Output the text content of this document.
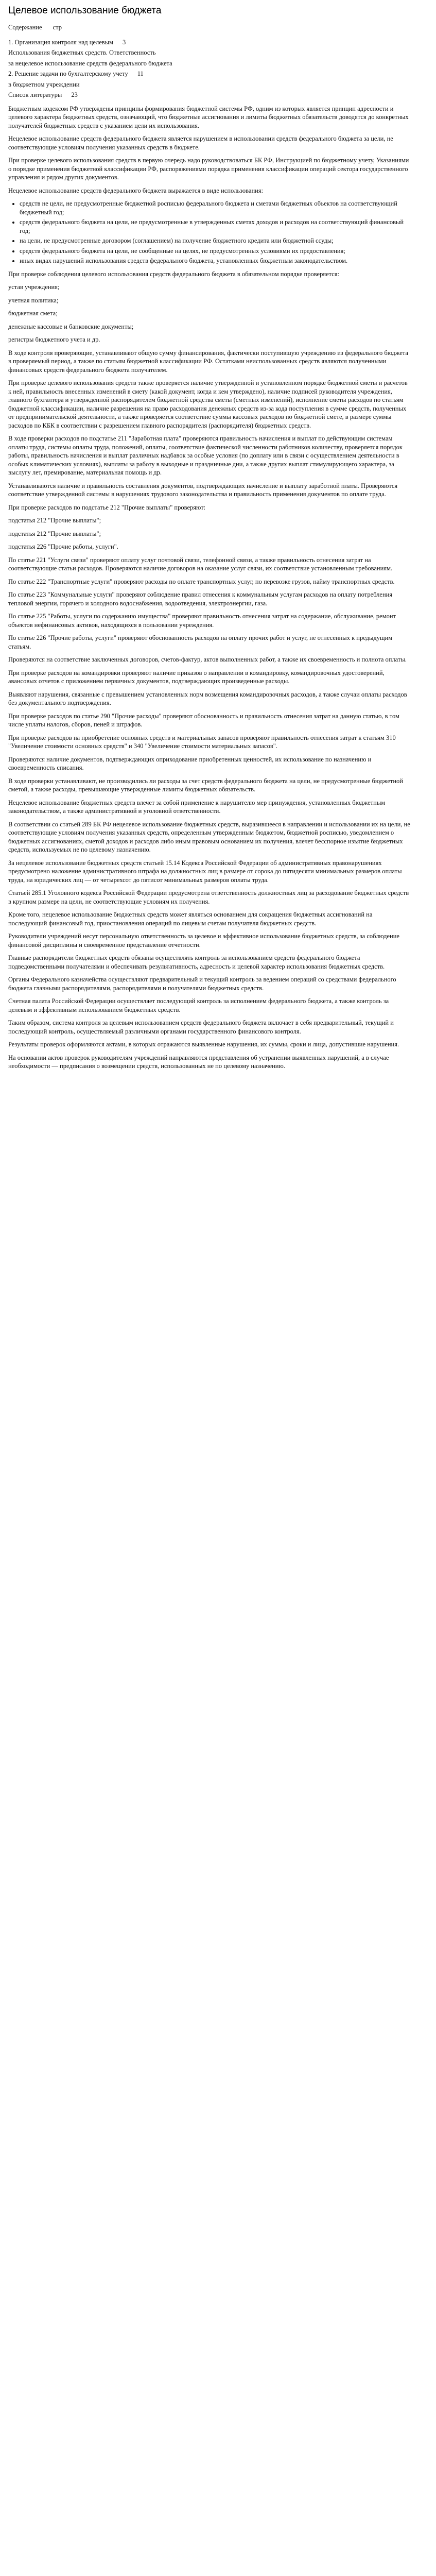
Целевое использование бюджета
Содержание стр
1. Организация контроля над целевым 3
Использования бюджетных средств. Ответственность
за нецелевое использование средств федерального бюджета
2. Решение задачи по бухгалтерскому учету 11
в бюджетном учреждении
Список литературы 23

Бюджетным кодексом РФ утверждены принципы формирования бюджетной системы РФ, одним из которых является принцип адресности и целевого характера бюджетных средств, означающий, что бюджетные ассигнования и лимиты бюджетных обязательств доводятся до конкретных получателей бюджетных средств с указанием цели их использования.

Нецелевое использование средств федерального бюджета является нарушением в использовании средств федерального бюджета за цели, не соответствующие условиям получения указанных средств в бюджете.

При проверке целевого использования средств в первую очередь надо руководствоваться БК РФ, Инструкцией по бюджетному учету, Указаниями о порядке применения бюджетной классификации РФ, распоряжениями порядка применения классификации операций сектора государственного управления и рядом других документов.

Нецелевое использование средств федерального бюджета выражается в виде использования:

• средств не цели, не предусмотренные бюджетной росписью федерального бюджета и сметами бюджетных объектов на соответствующий бюджетный год;
• средств федерального бюджета на цели, не предусмотренные в утвержденных сметах доходов и расходов на соответствующий финансовый год;
• на цели, не предусмотренные договором (соглашением) на получение бюджетного кредита или бюджетной ссуды;
• средств федерального бюджета на цели, не сообщенные на целях, не предусмотренных условиями их предоставления;
• иных видах нарушений использования средств федерального бюджета, установленных бюджетным законодательством.

При проверке соблюдения целевого использования средств федерального бюджета в обязательном порядке проверяется:

устав учреждения;

учетная политика;

бюджетная смета;

денежные кассовые и банковские документы;

регистры бюджетного учета и др.

В ходе контроля проверяющие, устанавливают общую сумму финансирования, фактически поступившую учреждению из федерального бюджета в проверяемый период, а также по статьям бюджетной классификации РФ. Остатками неиспользованных средств являются полученными финансовых средств федерального бюджета получателем.

При проверке целевого использования средств также проверяется наличие утвержденной и установленном порядке бюджетной сметы и расчетов к ней, правильность внесенных изменений в смету (какой документ, когда и кем утверждено), наличие подписей руководителя учреждения, главного бухгалтера и утвержденной распорядителем бюджетной средства сметы (сметных изменений), исполнение сметы расходов по статьям бюджетной классификации, наличие разрешения на право расходования денежных средств из-за кода поступления в сумме средств, полученных от предпринимательской деятельности, а также проверяется соответствие суммы кассовых расходов по бюджетной смете, в размере суммы расходов по КБК в соответствии с разрешением главного распорядителя (распорядителя) бюджетных средств.

В ходе проверки расходов по подстатье 211 "Заработная плата" проверяются правильность начисления и выплат по действующим системам оплаты труда, системы оплаты труда, положений, оплаты, соответствие фактической численности работников количеству, проверяется порядок работы, правильность начисления и выплат различных надбавок за особые условия (по доплату или в связи с осуществлением деятельности в особых климатических условиях), выплаты за работу в выходные и праздничные дни, а также других выплат стимулирующего характера, за выслугу лет, премирование, материальная помощь и др.

Устанавливаются наличие и правильность составления документов, подтверждающих начисление и выплату заработной платы. Проверяются соответствие утвержденной системы в нарушениях трудового законодательства и правильность применения документов по оплате труда.

При проверке расходов по подстатье 212 "Прочие выплаты" проверяют:

подстатья 212 "Прочие выплаты";

подстатья 212 "Прочие выплаты";

подстатья 226 "Прочие работы, услуги".

По статье 221 "Услуги связи" проверяют оплату услуг почтовой связи, телефонной связи, а также правильность отнесения затрат на соответствующие статьи расходов. Проверяются наличие договоров на оказание услуг связи, их соответствие установленным требованиям.

По статье 222 "Транспортные услуги" проверяют расходы по оплате транспортных услуг, по перевозке грузов, найму транспортных средств.

По статье 223 "Коммунальные услуги" проверяют соблюдение правил отнесения к коммунальным услугам расходов на оплату потребления тепловой энергии, горячего и холодного водоснабжения, водоотведения, электроэнергии, газа.

По статье 225 "Работы, услуги по содержанию имущества" проверяют правильность отнесения затрат на содержание, обслуживание, ремонт объектов нефинансовых активов, находящихся в пользовании учреждения.

По статье 226 "Прочие работы, услуги" проверяют обоснованность расходов на оплату прочих работ и услуг, не отнесенных к предыдущим статьям.

Проверяются на соответствие заключенных договоров, счетов-фактур, актов выполненных работ, а также их своевременность и полнота оплаты.

При проверке расходов на командировки проверяют наличие приказов о направлении в командировку, командировочных удостоверений, авансовых отчетов с приложением первичных документов, подтверждающих произведенные расходы.

Выявляют нарушения, связанные с превышением установленных норм возмещения командировочных расходов, а также случаи оплаты расходов без документального подтверждения.

При проверке расходов по статье 290 "Прочие расходы" проверяют обоснованность и правильность отнесения затрат на данную статью, в том числе уплаты налогов, сборов, пеней и штрафов.

При проверке расходов на приобретение основных средств и материальных запасов проверяют правильность отнесения затрат к статьям 310 "Увеличение стоимости основных средств" и 340 "Увеличение стоимости материальных запасов".

Проверяются наличие документов, подтверждающих оприходование приобретенных ценностей, их использование по назначению и своевременность списания.

В ходе проверки устанавливают, не производились ли расходы за счет средств федерального бюджета на цели, не предусмотренные бюджетной сметой, а также расходы, превышающие утвержденные лимиты бюджетных обязательств.

Нецелевое использование бюджетных средств влечет за собой применение к нарушителю мер принуждения, установленных бюджетным законодательством, а также административной и уголовной ответственности.

В соответствии со статьей 289 БК РФ нецелевое использование бюджетных средств, выразившееся в направлении и использовании их на цели, не соответствующие условиям получения указанных средств, определенным утвержденным бюджетом, бюджетной росписью, уведомлением о бюджетных ассигнованиях, сметой доходов и расходов либо иным правовым основанием их получения, влечет бесспорное изъятие бюджетных средств, используемых не по целевому назначению.

За нецелевое использование бюджетных средств статьей 15.14 Кодекса Российской Федерации об административных правонарушениях предусмотрено наложение административного штрафа на должностных лиц в размере от сорока до пятидесяти минимальных размеров оплаты труда, на юридических лиц — от четырехсот до пятисот минимальных размеров оплаты труда.

Статьей 285.1 Уголовного кодекса Российской Федерации предусмотрена ответственность должностных лиц за расходование бюджетных средств в крупном размере на цели, не соответствующие условиям их получения.

Кроме того, нецелевое использование бюджетных средств может являться основанием для сокращения бюджетных ассигнований на последующий финансовый год, приостановления операций по лицевым счетам получателя бюджетных средств.

Руководители учреждений несут персональную ответственность за целевое и эффективное использование бюджетных средств, за соблюдение финансовой дисциплины и своевременное представление отчетности.

Главные распорядители бюджетных средств обязаны осуществлять контроль за использованием средств федерального бюджета подведомственными получателями и обеспечивать результативность, адресность и целевой характер использования бюджетных средств.

Органы Федерального казначейства осуществляют предварительный и текущий контроль за ведением операций со средствами федерального бюджета главными распорядителями, распорядителями и получателями бюджетных средств.

Счетная палата Российской Федерации осуществляет последующий контроль за исполнением федерального бюджета, а также контроль за целевым и эффективным использованием бюджетных средств.

Таким образом, система контроля за целевым использованием средств федерального бюджета включает в себя предварительный, текущий и последующий контроль, осуществляемый различными органами государственного финансового контроля.

Результаты проверок оформляются актами, в которых отражаются выявленные нарушения, их суммы, сроки и лица, допустившие нарушения.

На основании актов проверок руководителям учреждений направляются представления об устранении выявленных нарушений, а в случае необходимости — предписания о возмещении средств, использованных не по целевому назначению.
